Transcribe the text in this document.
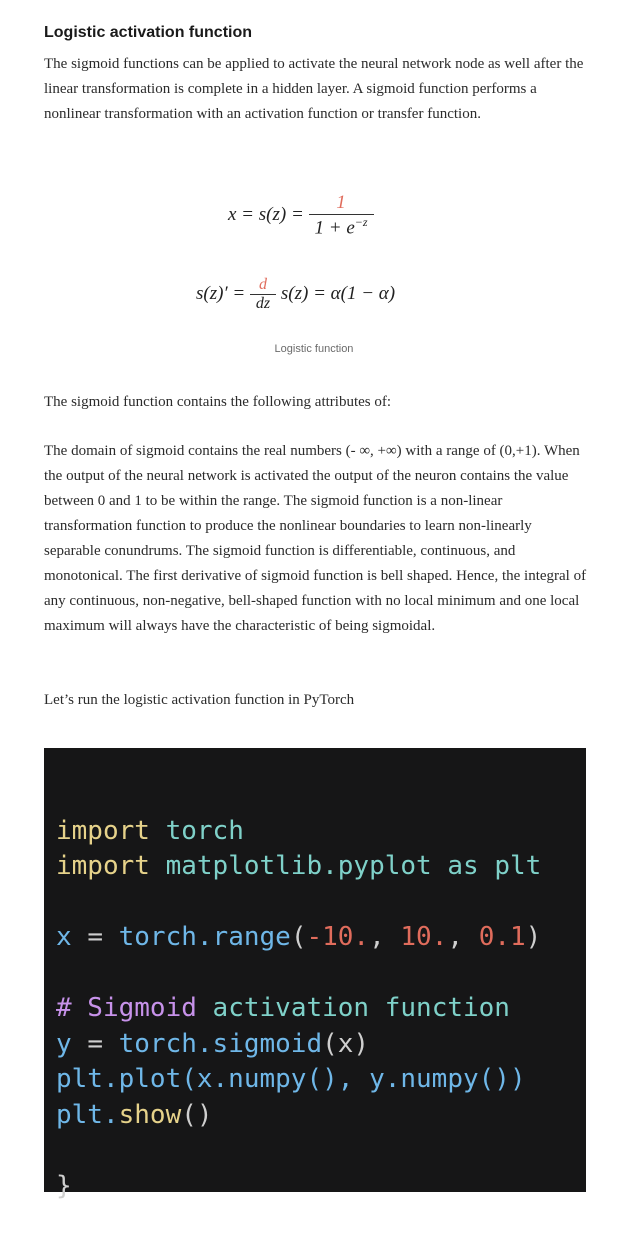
Logistic activation function

The sigmoid functions can be applied to activate the neural network node as well after the linear transformation is complete in a hidden layer. A sigmoid function performs a nonlinear transformation with an activation function or transfer function.

$x = s(z) = \frac{1}{1 + e^{-z}}$
$s(z)' = \frac{d}{dz} s(z) = \alpha(1 - \alpha)$
Logistic function

The sigmoid function contains the following attributes of:

The domain of sigmoid contains the real numbers (- ∞, +∞) with a range of (0,+1). When the output of the neural network is activated the output of the neuron contains the value between 0 and 1 to be within the range. The sigmoid function is a non-linear transformation function to produce the nonlinear boundaries to learn non-linearly separable conundrums. The sigmoid function is differentiable, continuous, and monotonical. The first derivative of sigmoid function is bell shaped. Hence, the integral of any continuous, non-negative, bell-shaped function with no local minimum and one local maximum will always have the characteristic of being sigmoidal.

Let’s run the logistic activation function in PyTorch

import torch
import matplotlib.pyplot as plt

x = torch.range(-10., 10., 0.1)

# Sigmoid activation function
y = torch.sigmoid(x)
plt.plot(x.numpy(), y.numpy())
plt.show()

}
